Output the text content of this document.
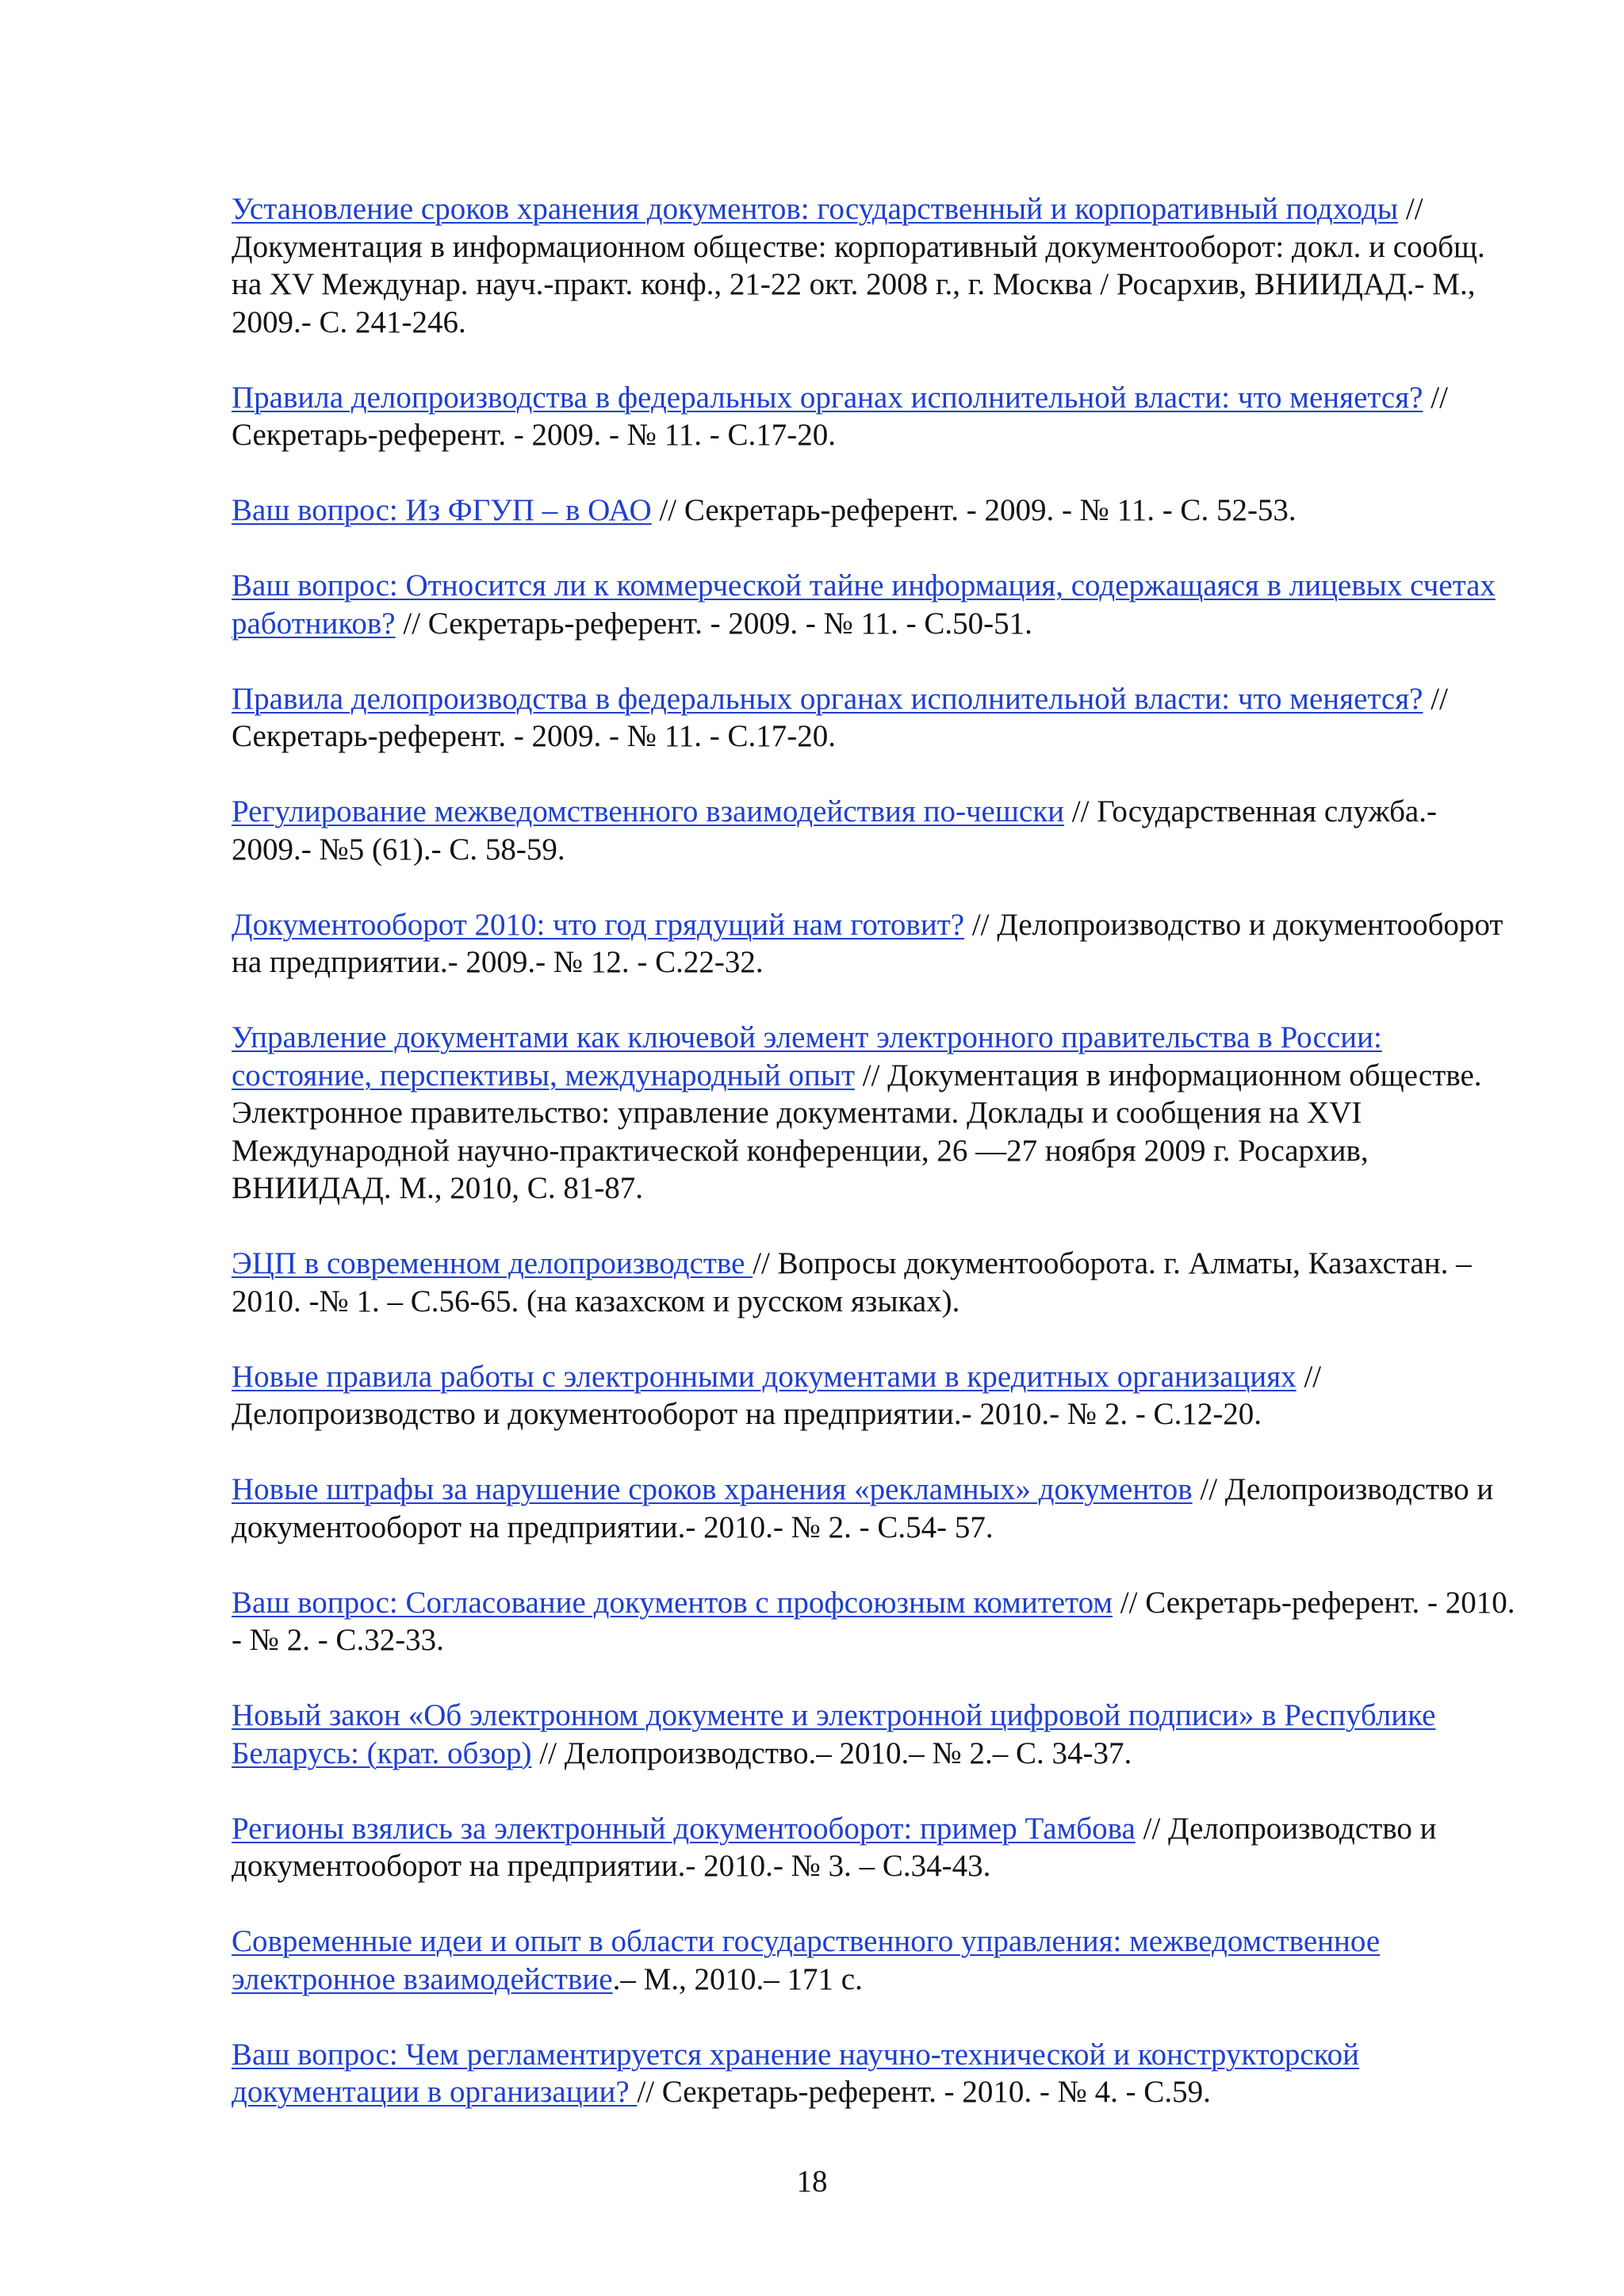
Установление сроков хранения документов: государственный и корпоративный подходы // Документация в информационном обществе: корпоративный документооборот: докл. и сообщ. на XV Междунар. науч.-практ. конф., 21-22 окт. 2008 г., г. Москва / Росархив, ВНИИДАД.- М., 2009.- С. 241-246.

Правила делопроизводства в федеральных органах исполнительной власти: что меняется? // Секретарь-референт. - 2009. - № 11. - С.17-20.

Ваш вопрос: Из ФГУП – в ОАО // Секретарь-референт. - 2009. - № 11. - С. 52-53.

Ваш вопрос: Относится ли к коммерческой тайне информация, содержащаяся в лицевых счетах работников? // Секретарь-референт. - 2009. - № 11. - С.50-51.

Правила делопроизводства в федеральных органах исполнительной власти: что меняется? // Секретарь-референт. - 2009. - № 11. - С.17-20.

Регулирование межведомственного взаимодействия по-чешски // Государственная служба.- 2009.- №5 (61).- С. 58-59.

Документооборот 2010: что год грядущий нам готовит? // Делопроизводство и документооборот на предприятии.- 2009.- № 12. - С.22-32.

Управление документами как ключевой элемент электронного правительства в России: состояние, перспективы, международный опыт // Документация в информационном обществе. Электронное правительство: управление документами. Доклады и сообщения на XVI Международной научно-практической конференции, 26 —27 ноября 2009 г. Росархив, ВНИИДАД. М., 2010, С. 81-87.

ЭЦП в современном делопроизводстве // Вопросы документооборота. г. Алматы, Казахстан. – 2010. -№ 1. – С.56-65. (на казахском и русском языках).

Новые правила работы с электронными документами в кредитных организациях // Делопроизводство и документооборот на предприятии.- 2010.- № 2. - С.12-20.

Новые штрафы за нарушение сроков хранения «рекламных» документов // Делопроизводство и документооборот на предприятии.- 2010.- № 2. - С.54- 57.

Ваш вопрос: Согласование документов с профсоюзным комитетом // Секретарь-референт. - 2010. - № 2. - С.32-33.

Новый закон «Об электронном документе и электронной цифровой подписи» в Республике Беларусь: (крат. обзор) // Делопроизводство.– 2010.– № 2.– С. 34-37.

Регионы взялись за электронный документооборот: пример Тамбова // Делопроизводство и документооборот на предприятии.- 2010.- № 3. – С.34-43.

Современные идеи и опыт в области государственного управления: межведомственное электронное взаимодействие.– М., 2010.– 171 с.

Ваш вопрос: Чем регламентируется хранение научно-технической и конструкторской документации в организации? // Секретарь-референт. - 2010. - № 4. - С.59.

18
